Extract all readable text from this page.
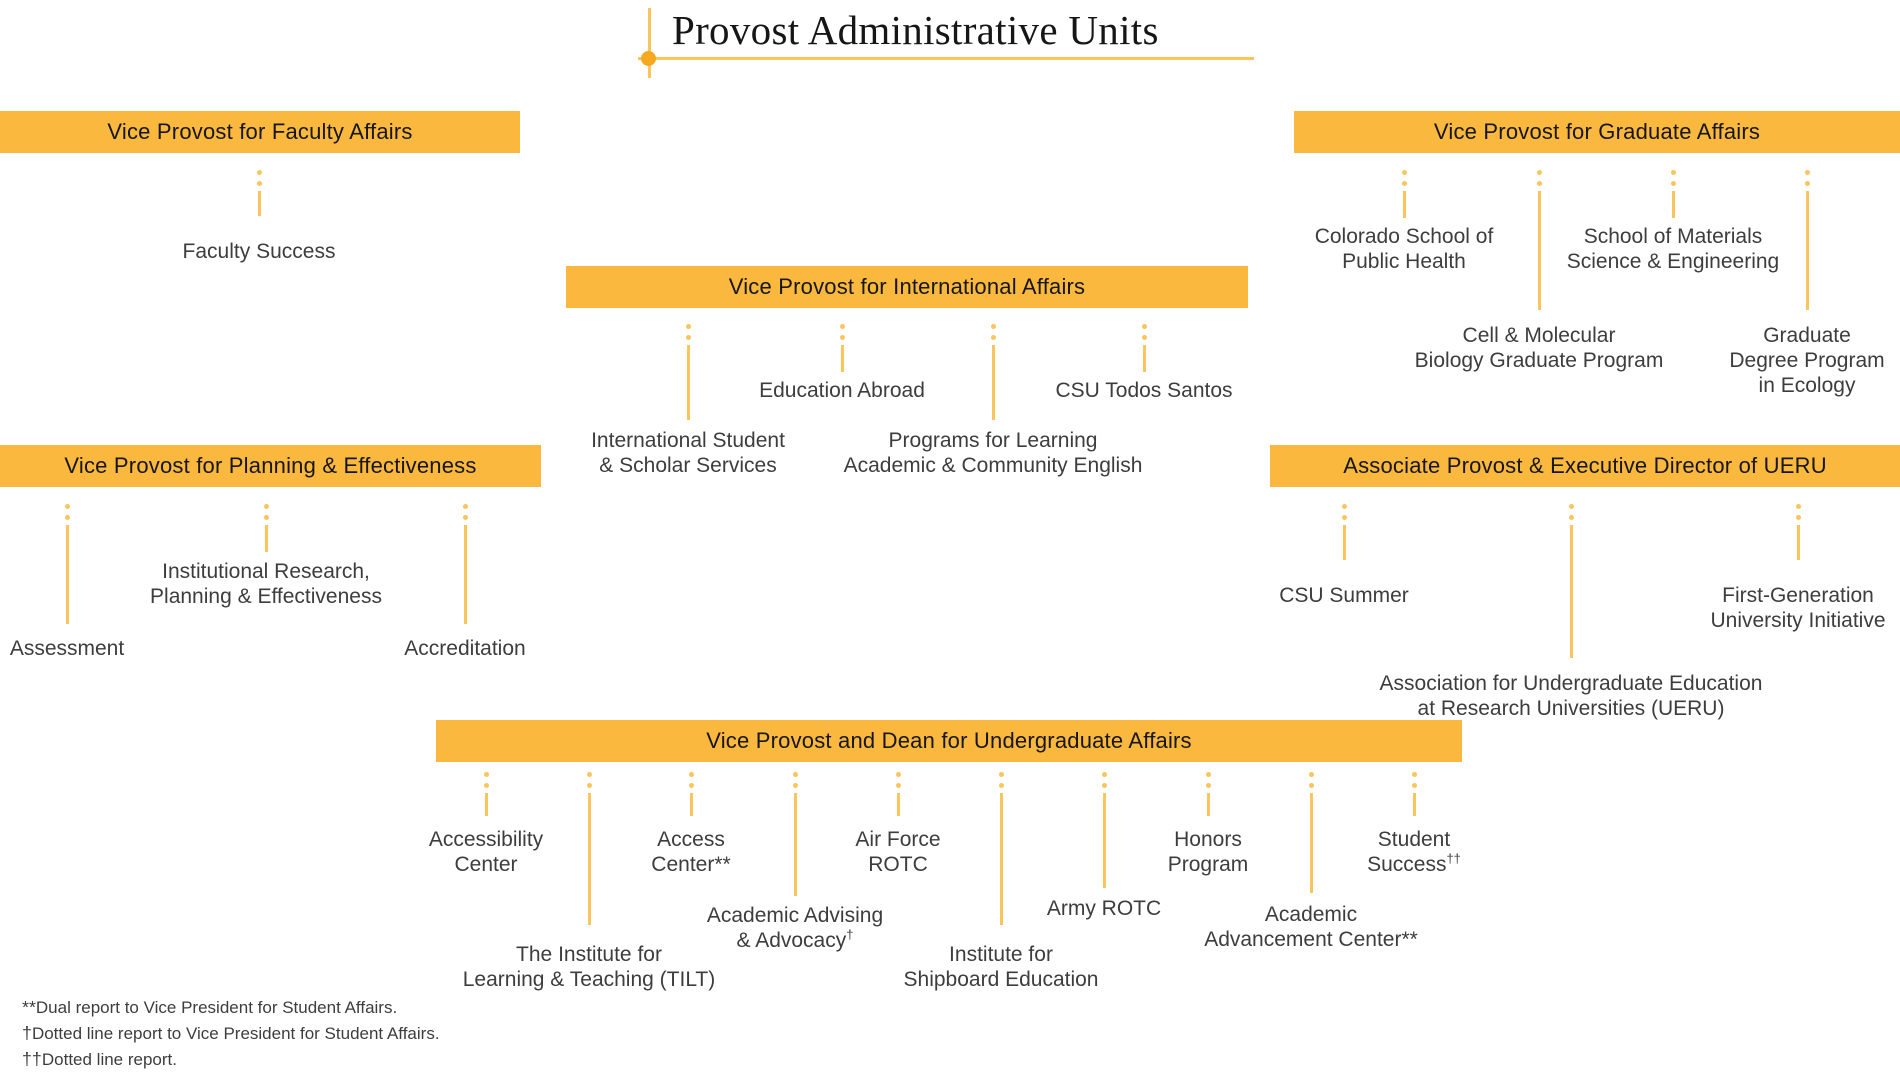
Provost Administrative Units
Vice Provost for Faculty Affairs
Faculty Success
Vice Provost for Graduate Affairs
Colorado School of
Public Health
Cell & Molecular
Biology Graduate Program
School of Materials
Science & Engineering
Graduate
Degree Program
in Ecology
Vice Provost for International Affairs
International Student
& Scholar Services
Education Abroad
Programs for Learning
Academic & Community English
CSU Todos Santos
Vice Provost for Planning & Effectiveness
Assessment
Institutional Research,
Planning & Effectiveness
Accreditation
Associate Provost & Executive Director of UERU
CSU Summer
Association for Undergraduate Education
at Research Universities (UERU)
First-Generation
University Initiative
Vice Provost and Dean for Undergraduate Affairs
Accessibility
Center
The Institute for
Learning & Teaching (TILT)
Access
Center**
Academic Advising
& Advocacy†
Air Force
ROTC
Institute for
Shipboard Education
Army ROTC
Honors
Program
Academic
Advancement Center**
Student
Success††
**Dual report to Vice President for Student Affairs.
†Dotted line report to Vice President for Student Affairs.
††Dotted line report.
